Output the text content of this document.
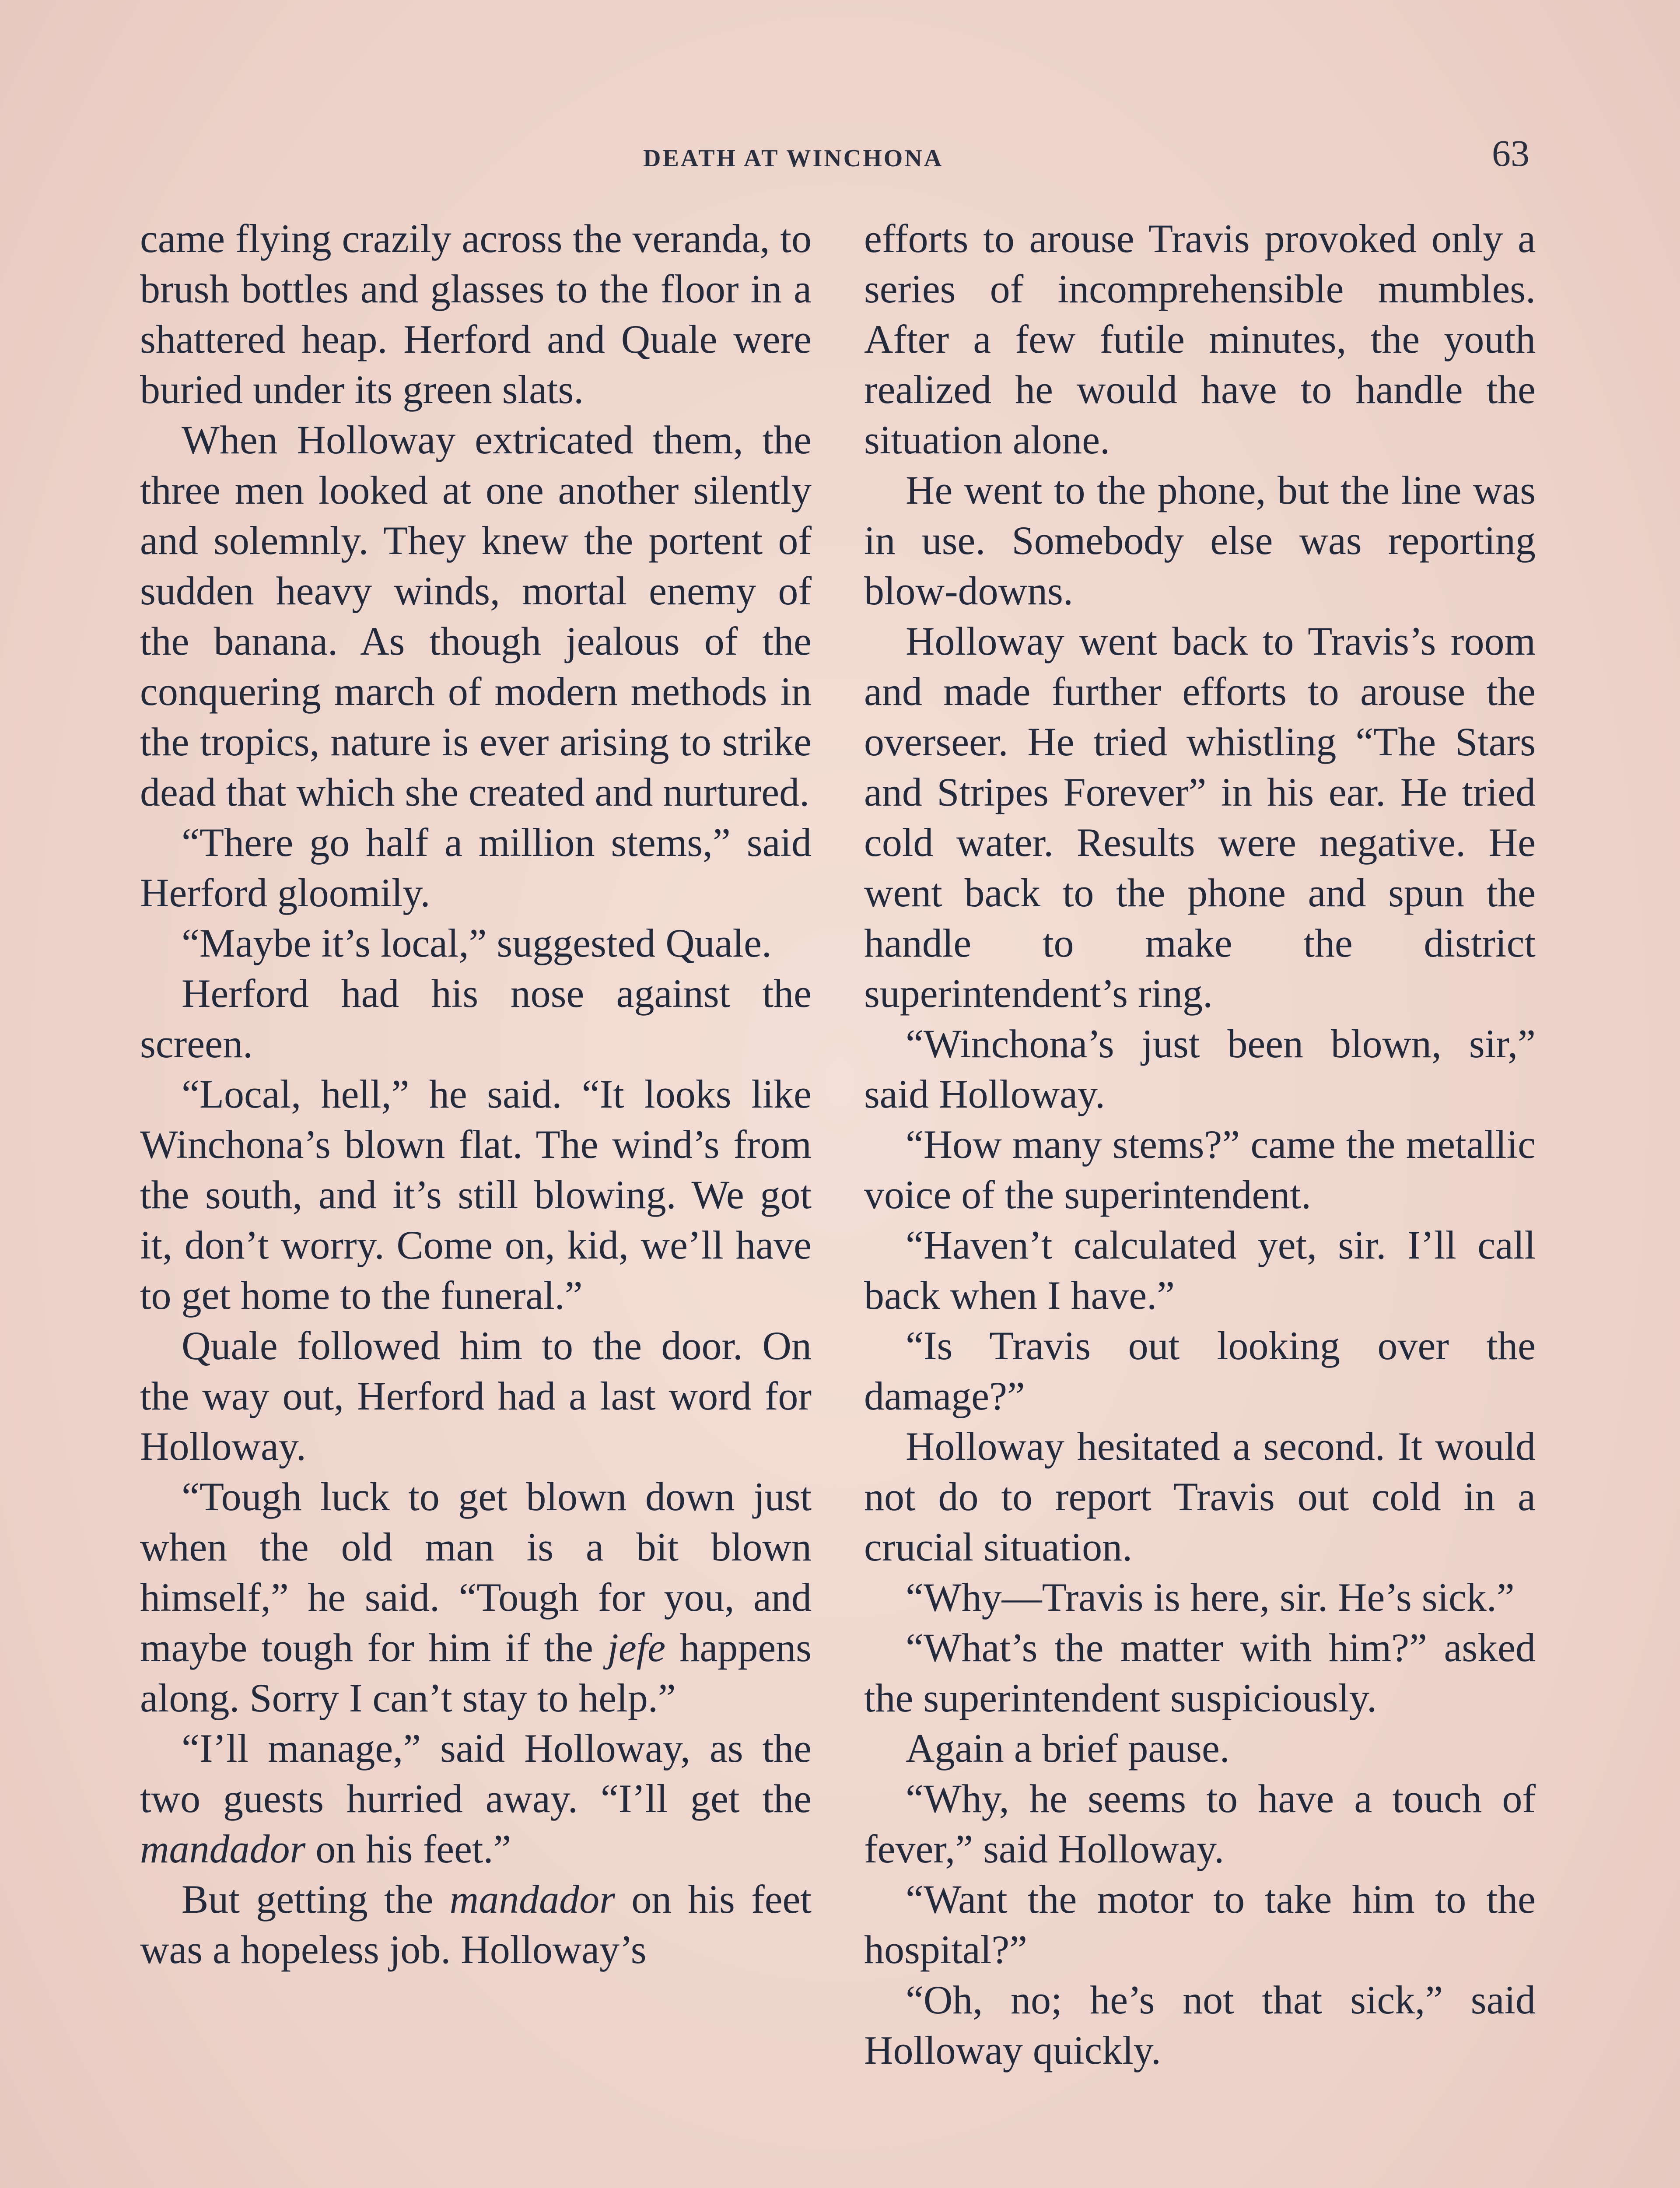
DEATH AT WINCHONA	63

came flying crazily across the veranda, to brush bottles and glasses to the floor in a shattered heap. Herford and Quale were buried under its green slats.

When Holloway extricated them, the three men looked at one another silently and solemnly. They knew the portent of sudden heavy winds, mortal enemy of the banana. As though jealous of the conquering march of modern methods in the tropics, nature is ever arising to strike dead that which she created and nurtured.

“There go half a million stems,” said Herford gloomily.

“Maybe it’s local,” suggested Quale.

Herford had his nose against the screen.

“Local, hell,” he said. “It looks like Winchona’s blown flat. The wind’s from the south, and it’s still blowing. We got it, don’t worry. Come on, kid, we’ll have to get home to the funeral.”

Quale followed him to the door. On the way out, Herford had a last word for Holloway.

“Tough luck to get blown down just when the old man is a bit blown himself,” he said. “Tough for you, and maybe tough for him if the jefe happens along. Sorry I can’t stay to help.”

“I’ll manage,” said Holloway, as the two guests hurried away. “I’ll get the mandador on his feet.”

But getting the mandador on his feet was a hopeless job. Holloway’s

efforts to arouse Travis provoked only a series of incomprehensible mumbles. After a few futile minutes, the youth realized he would have to handle the situation alone.

He went to the phone, but the line was in use. Somebody else was reporting blow-downs.

Holloway went back to Travis’s room and made further efforts to arouse the overseer. He tried whistling “The Stars and Stripes Forever” in his ear. He tried cold water. Results were negative. He went back to the phone and spun the handle to make the district superintendent’s ring.

“Winchona’s just been blown, sir,” said Holloway.

“How many stems?” came the metallic voice of the superintendent.

“Haven’t calculated yet, sir. I’ll call back when I have.”

“Is Travis out looking over the damage?”

Holloway hesitated a second. It would not do to report Travis out cold in a crucial situation.

“Why—Travis is here, sir. He’s sick.”

“What’s the matter with him?” asked the superintendent suspiciously.

Again a brief pause.

“Why, he seems to have a touch of fever,” said Holloway.

“Want the motor to take him to the hospital?”

“Oh, no; he’s not that sick,” said Holloway quickly.
